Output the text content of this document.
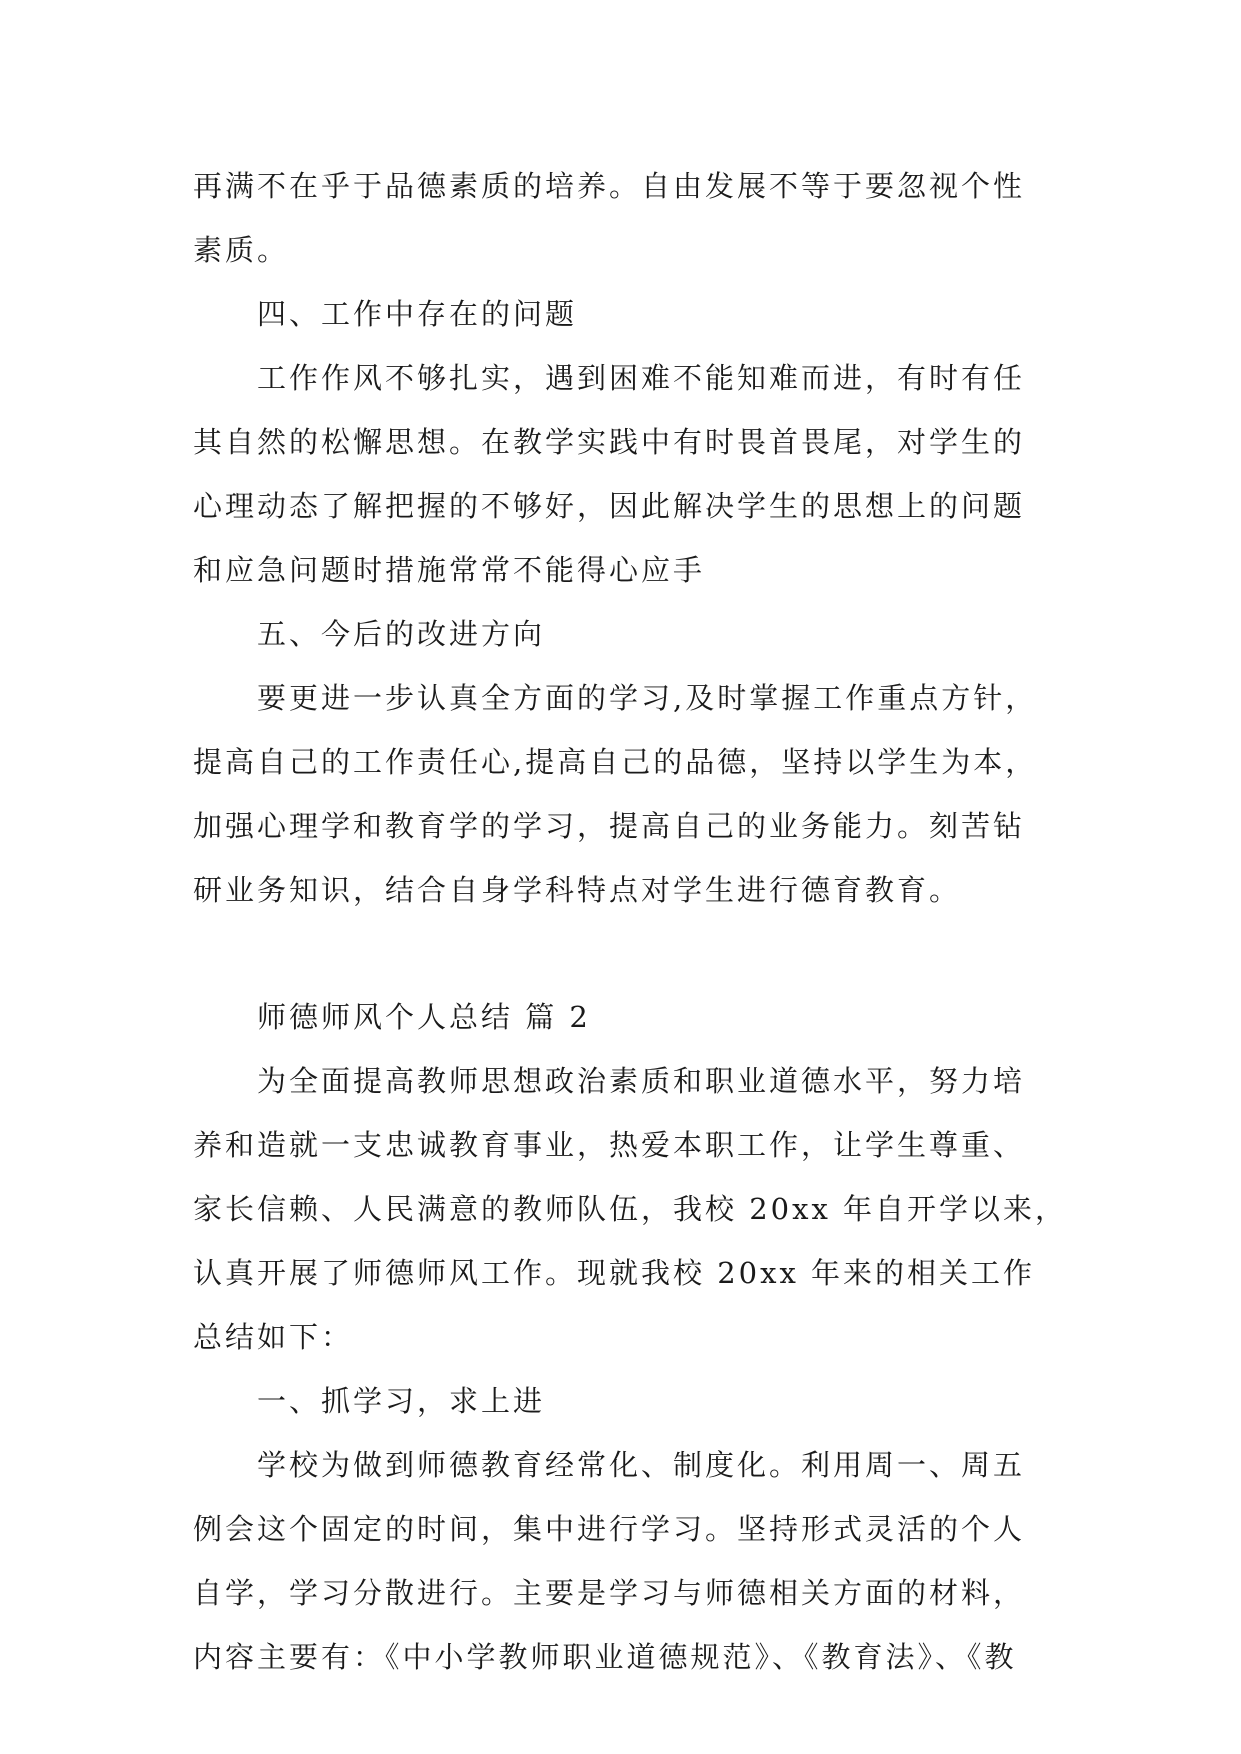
再满不在乎于品德素质的培养。自由发展不等于要忽视个性
素质。
四、工作中存在的问题
工作作风不够扎实，遇到困难不能知难而进，有时有任
其自然的松懈思想。在教学实践中有时畏首畏尾，对学生的
心理动态了解把握的不够好，因此解决学生的思想上的问题
和应急问题时措施常常不能得心应手
五、今后的改进方向
要更进一步认真全方面的学习,及时掌握工作重点方针，
提高自己的工作责任心,提高自己的品德，坚持以学生为本，
加强心理学和教育学的学习，提高自己的业务能力。刻苦钻
研业务知识，结合自身学科特点对学生进行德育教育。
师德师风个人总结 篇 2
为全面提高教师思想政治素质和职业道德水平，努力培
养和造就一支忠诚教育事业，热爱本职工作，让学生尊重、
家长信赖、人民满意的教师队伍，我校 20xx 年自开学以来，
认真开展了师德师风工作。现就我校 20xx 年来的相关工作
总结如下：
一、抓学习，求上进
学校为做到师德教育经常化、制度化。利用周一、周五
例会这个固定的时间，集中进行学习。坚持形式灵活的个人
自学，学习分散进行。主要是学习与师德相关方面的材料，
内容主要有：《中小学教师职业道德规范》、《教育法》、《教
